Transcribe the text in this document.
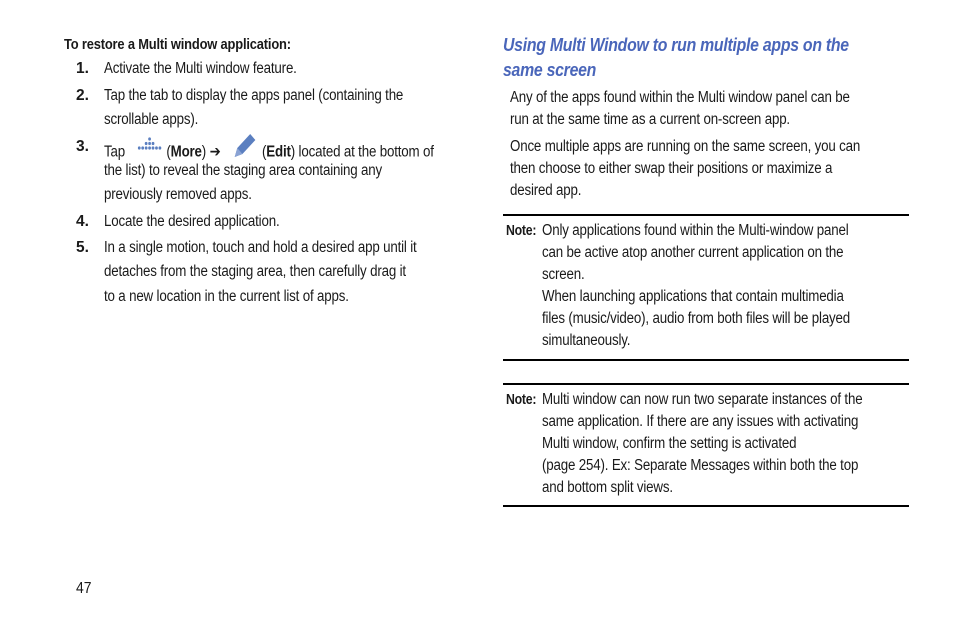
To restore a Multi window application:
1. Activate the Multi window feature.
2. Tap the tab to display the apps panel (containing the
scrollable apps).
3. Tap	(More) ➔	(Edit) located at the bottom of
the list) to reveal the staging area containing any
previously removed apps.
4. Locate the desired application.
5. In a single motion, touch and hold a desired app until it
detaches from the staging area, then carefully drag it
to a new location in the current list of apps.
Using Multi Window to run multiple apps on the
same screen
Any of the apps found within the Multi window panel can be
run at the same time as a current on-screen app.
Once multiple apps are running on the same screen, you can
then choose to either swap their positions or maximize a
desired app.
Note: Only applications found within the Multi-window panel
can be active atop another current application on the
screen.
When launching applications that contain multimedia
files (music/video), audio from both files will be played
simultaneously.
Note: Multi window can now run two separate instances of the
same application. If there are any issues with activating
Multi window, confirm the setting is activated
(page 254). Ex: Separate Messages within both the top
and bottom split views.
47
